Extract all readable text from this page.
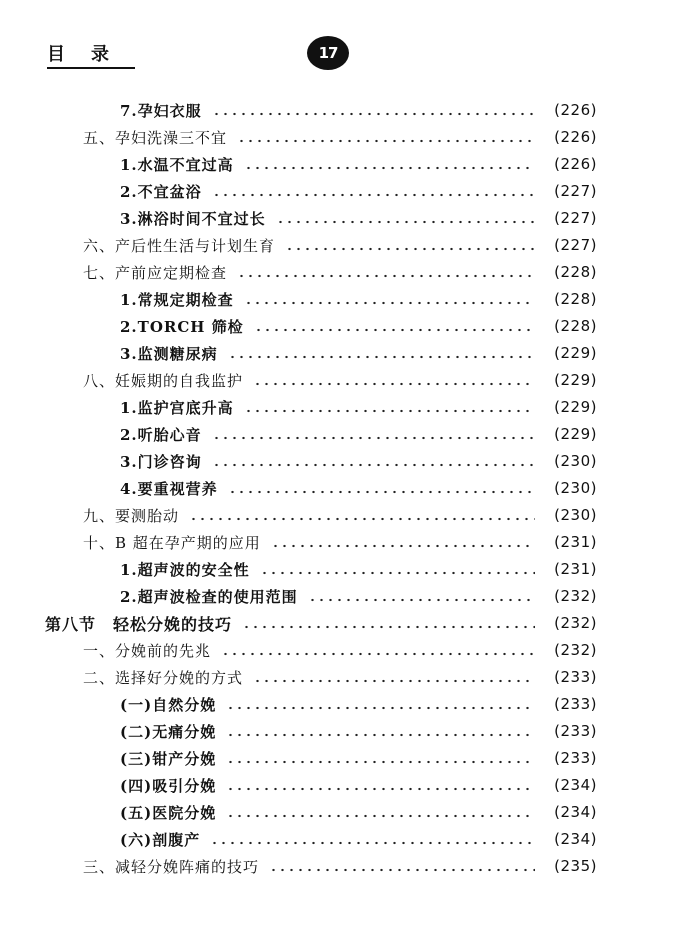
目录	17
7.孕妇衣服	(226)
五、孕妇洗澡三不宜	(226)
1.水温不宜过高	(226)
2.不宜盆浴	(227)
3.淋浴时间不宜过长	(227)
六、产后性生活与计划生育	(227)
七、产前应定期检查	(228)
1.常规定期检查	(228)
2.TORCH 筛检	(228)
3.监测糖尿病	(229)
八、妊娠期的自我监护	(229)
1.监护宫底升高	(229)
2.听胎心音	(229)
3.门诊咨询	(230)
4.要重视营养	(230)
九、要测胎动	(230)
十、B 超在孕产期的应用	(231)
1.超声波的安全性	(231)
2.超声波检查的使用范围	(232)
第八节　轻松分娩的技巧	(232)
一、分娩前的先兆	(232)
二、选择好分娩的方式	(233)
(一)自然分娩	(233)
(二)无痛分娩	(233)
(三)钳产分娩	(233)
(四)吸引分娩	(234)
(五)医院分娩	(234)
(六)剖腹产	(234)
三、减轻分娩阵痛的技巧	(235)
